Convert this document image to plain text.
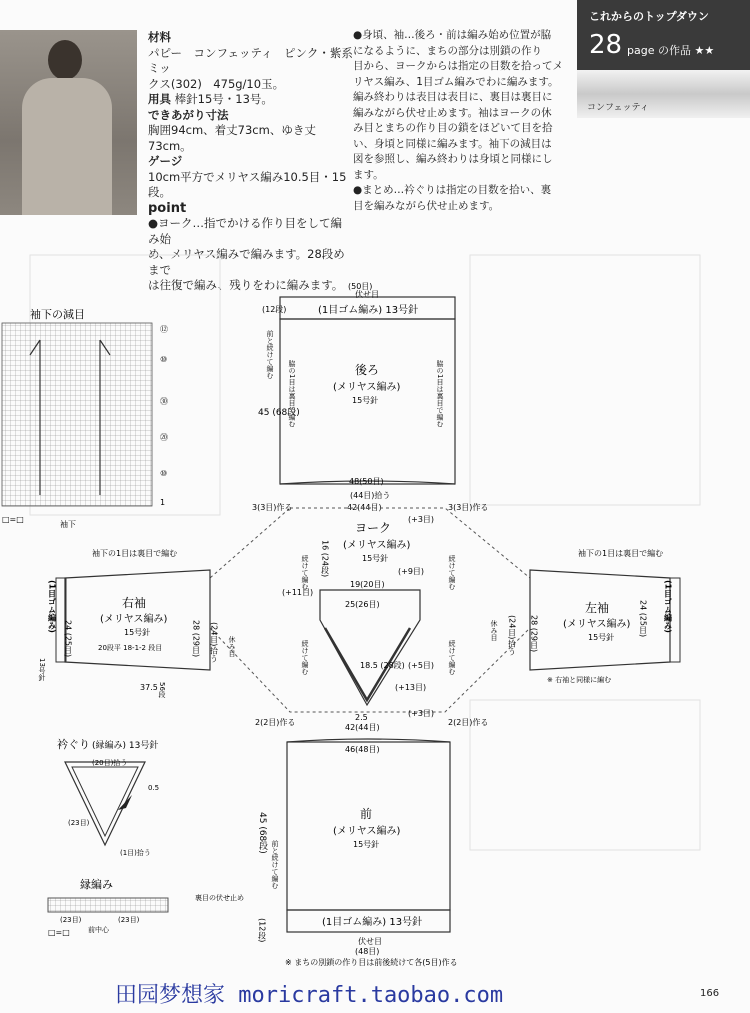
材料
パピー　コンフェッティ　ピンク・紫系ミッ
クス(302)　475g/10玉。
用具 棒針15号・13号。
できあがり寸法
胸囲94cm、着丈73cm、ゆき丈73cm。
ゲージ
10cm平方でメリヤス編み10.5目・15段。
point
●ヨーク…指でかける作り目をして編み始
め、メリヤス編みで編みます。28段めまで
は往復で編み、残りをわに編みます。
●身頃、袖…後ろ・前は編み始め位置が脇
になるように、まちの部分は別鎖の作り
目から、ヨークからは指定の目数を拾ってメ
リヤス編み、1目ゴム編みでわに編みます。
編み終わりは表目は表目に、裏目は裏目に
編みながら伏せ止めます。袖はヨークの休
み目とまちの作り目の鎖をほどいて目を拾
い、身頃と同様に編みます。袖下の減目は
図を参照し、編み終わりは身頃と同様にし
ます。
●まとめ…衿ぐりは指定の目数を拾い、裏
目を編みながら伏せ止めます。
これからのトップダウン
28 page の作品 ★★
コンフェッティ
袖下の減目
⑫
⑩
㉚
⑳
⑩
1
袖下
□=□
(50目)
伏せ目
(1目ゴム編み) 13号針
(12段)
後ろ
(メリヤス編み)
15号針
45 (68段)
48(50目)
(44目)拾う
42(44目)
脇の1目は裏目で編む	脇の1目は裏目で編む
前と続けて編む
ヨーク
(メリヤス編み)
15号針
16 (24段)
19(20目)
25(26目)
18.5 (28段)
2.5
続けて編む	続けて編む
続けて編む	続けて編む
(+3目)
(+9目)
(+11目)
(+5目)
(+13目)
(+3目)
3(3目)作る	3(3目)作る
2(2目)作る	2(2目)作る
袖下の1目は裏目で編む
右袖
(メリヤス編み)
15号針
24 (25目)	28 (29目) (24目)拾う 休み目
20段平 18-1-2 段目
37.5 56段
(1目ゴム編み)
13号針
袖下の1目は裏目で編む
左袖
(メリヤス編み)
15号針
24 (25目)
28 (29目)
(24目)拾う
休み目
※ 右袖と同様に編む
(1目ゴム編み)
42(44目)
46(48目)
前
(メリヤス編み)
15号針
45 (68段)
(1目ゴム編み) 13号針
(12段)	伏せ目
(48目)
※ まちの別鎖の作り目は前後続けて各(5目)作る
前と続けて編む
衿ぐり (縁編み) 13号針
(20目)拾う
(23目)
(1目)拾う
0.5
縁編み
裏目の伏せ止め
(23目)	(23目)
前中心
□=□
田园梦想家 moricraft.taobao.com	166
